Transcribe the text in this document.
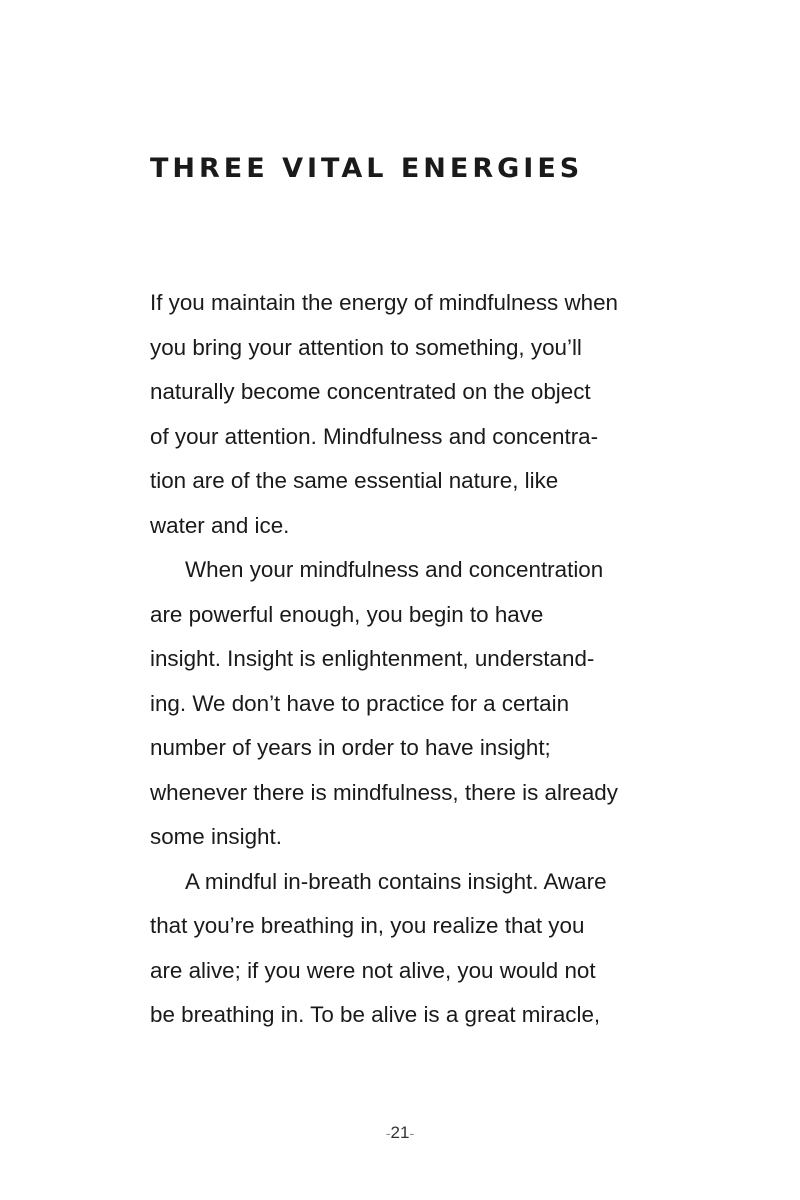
THREE VITAL ENERGIES
If you maintain the energy of mindfulness when
you bring your attention to something, you’ll
naturally become concentrated on the object
of your attention. Mindfulness and concentra-
tion are of the same essential nature, like
water and ice.
When your mindfulness and concentration
are powerful enough, you begin to have
insight. Insight is enlightenment, understand-
ing. We don’t have to practice for a certain
number of years in order to have insight;
whenever there is mindfulness, there is already
some insight.
A mindful in-breath contains insight. Aware
that you’re breathing in, you realize that you
are alive; if you were not alive, you would not
be breathing in. To be alive is a great miracle,
-21-
